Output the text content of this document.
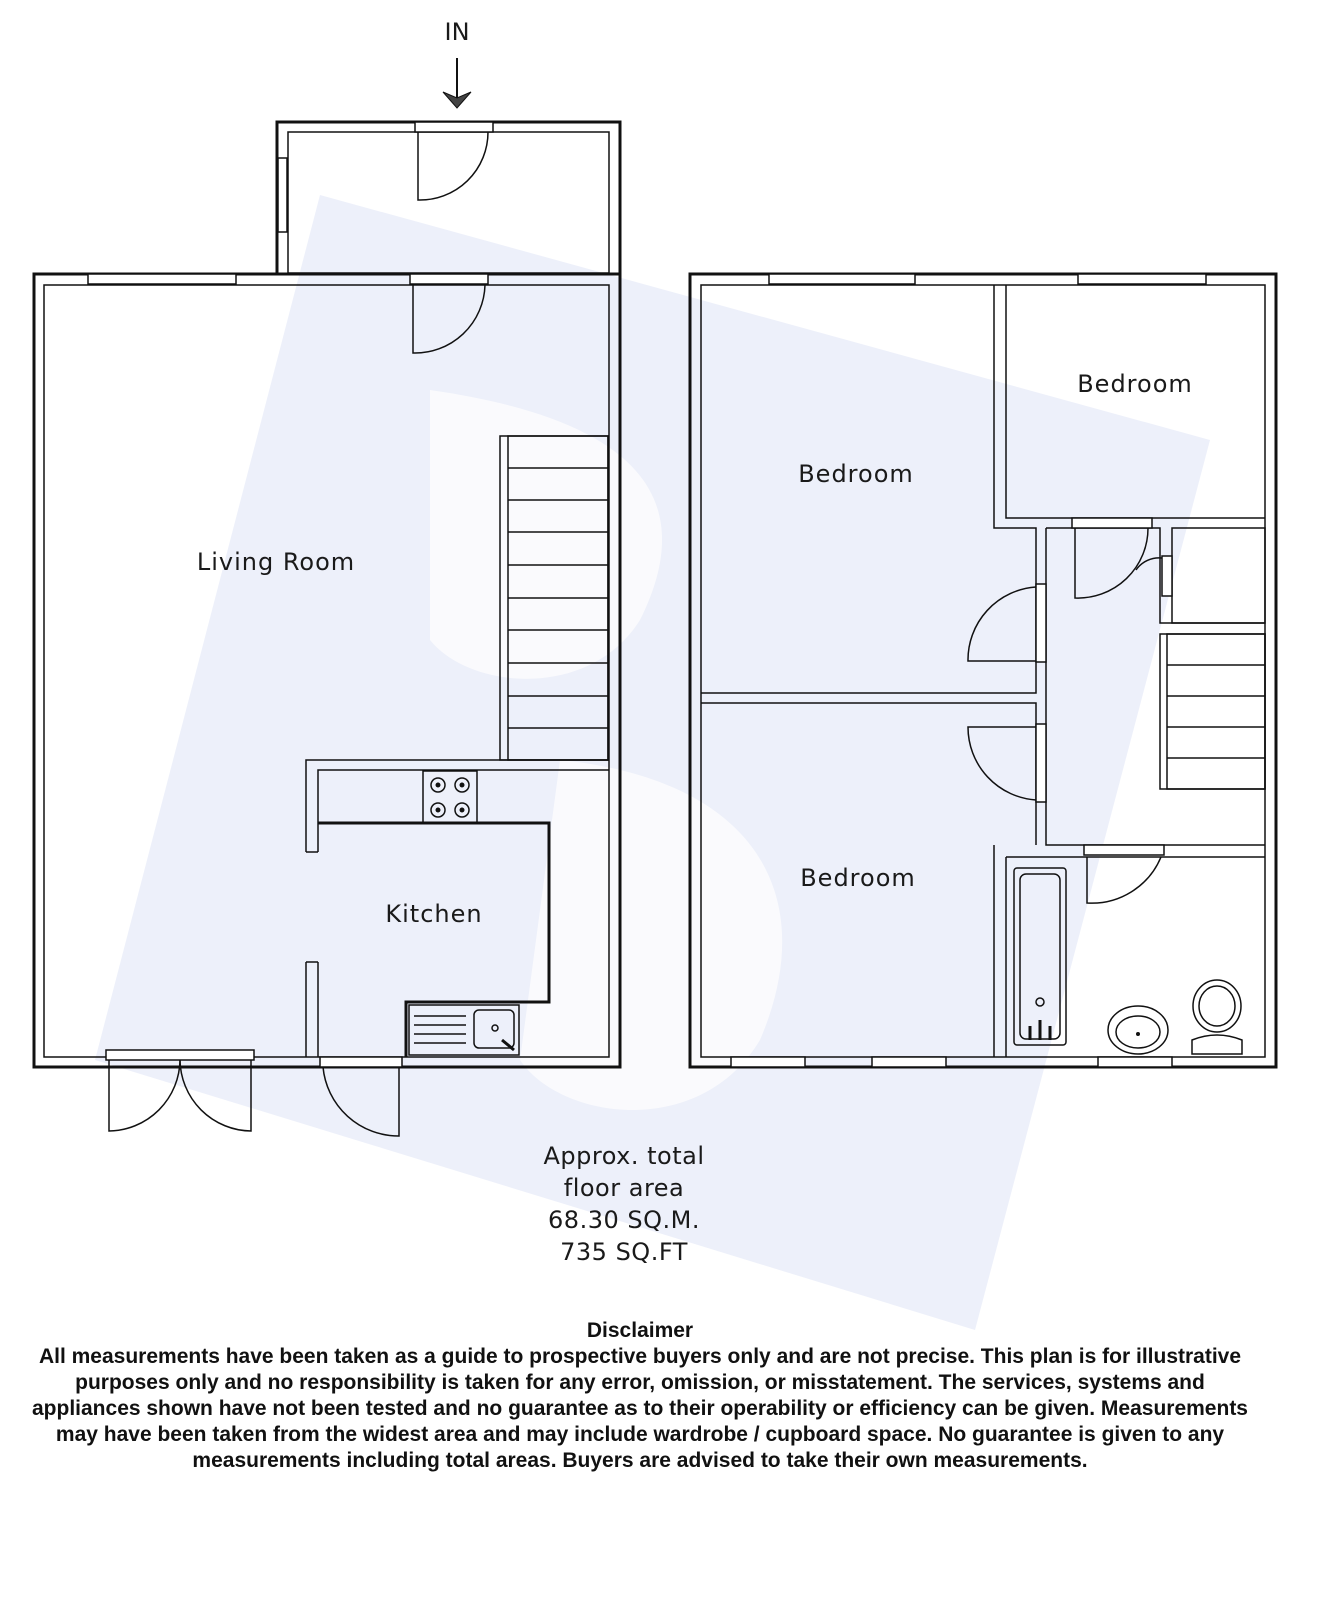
IN
Living Room
Kitchen
Bedroom
Bedroom
Bedroom
Approx. total
floor area
68.30 SQ.M.
735 SQ.FT
Disclaimer
All measurements have been taken as a guide to prospective buyers only and are not precise. This plan is for illustrative purposes only and no responsibility is taken for any error, omission, or misstatement. The services, systems and appliances shown have not been tested and no guarantee as to their operability or efficiency can be given. Measurements may have been taken from the widest area and may include wardrobe / cupboard space. No guarantee is given to any measurements including total areas. Buyers are advised to take their own measurements.
